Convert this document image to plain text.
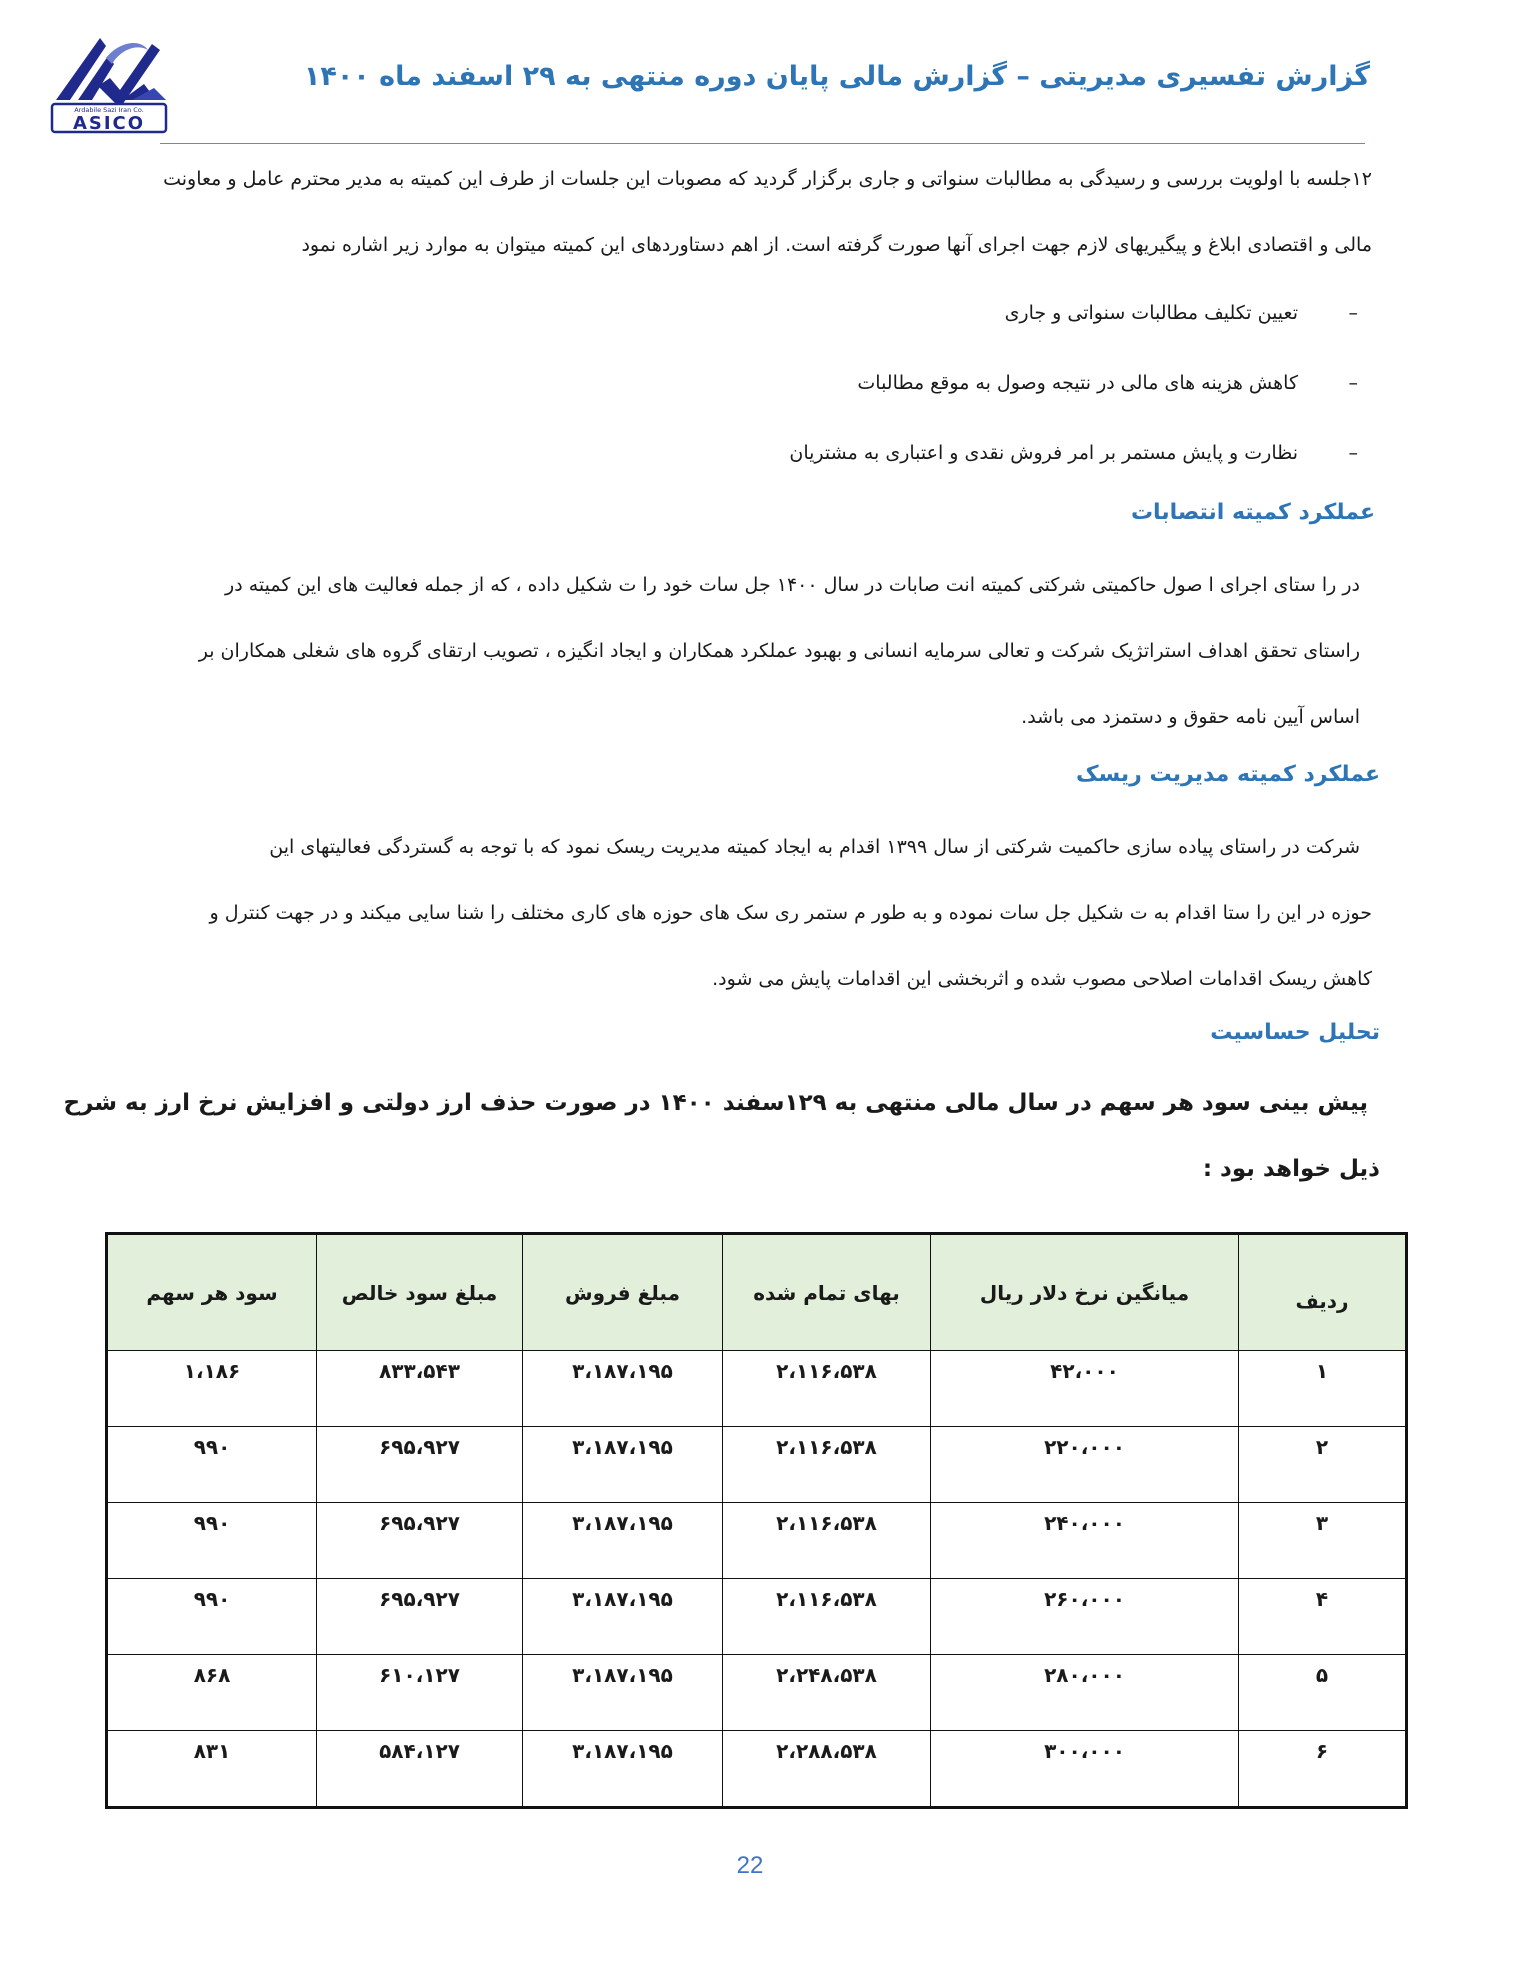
Ardabile Sazi Iran Co.
ASICO
گزارش تفسیری مدیریتی – گزارش مالی پایان دوره منتهی به ۲۹ اسفند ماه ۱۴۰۰
۱۲جلسه با اولویت بررسی و رسیدگی به مطالبات سنواتی و جاری برگزار گردید که مصوبات این جلسات از طرف این کمیته به مدیر محترم عامل و معاونت
مالی و اقتصادی ابلاغ و پیگیریهای لازم جهت اجرای آنها صورت گرفته است. از اهم دستاوردهای این کمیته میتوان به موارد زیر اشاره نمود
–
تعیین تکلیف مطالبات سنواتی و جاری
–
کاهش هزینه های مالی در نتیجه وصول به موقع مطالبات
–
نظارت و پایش مستمر بر امر فروش نقدی و اعتباری به مشتریان
عملکرد کمیته انتصابات
در را ستای اجرای ا صول حاکمیتی شرکتی کمیته انت صابات در سال ۱۴۰۰ جل سات خود را ت شکیل داده ، که از جمله فعالیت های این کمیته در
راستای تحقق اهداف استراتژیک شرکت و تعالی سرمایه انسانی و بهبود عملکرد همکاران و ایجاد انگیزه ، تصویب ارتقای گروه های شغلی همکاران بر
اساس آیین نامه حقوق و دستمزد می باشد.
عملکرد کمیته مدیریت ریسک
شرکت در راستای پیاده سازی حاکمیت شرکتی از سال ۱۳۹۹ اقدام به ایجاد کمیته مدیریت ریسک نمود که با توجه به گستردگی فعالیتهای این
حوزه در این را ستا اقدام به ت شکیل جل سات نموده و به طور م ستمر ری سک های حوزه های کاری مختلف را شنا سایی میکند و در جهت کنترل و
کاهش ریسک اقدامات اصلاحی مصوب شده و اثربخشی این اقدامات پایش می شود.
تحلیل حساسیت
پیش بینی سود هر سهم در سال مالی منتهی به ۱۲۹سفند ۱۴۰۰ در صورت حذف ارز دولتی و افزایش نرخ ارز به شرح
ذیل خواهد بود :
ردیف	میانگین نرخ دلار ریال	بهای تمام شده	مبلغ فروش	مبلغ سود خالص	سود هر سهم
۱	۴۲،۰۰۰	۲،۱۱۶،۵۳۸	۳،۱۸۷،۱۹۵	۸۳۳،۵۴۳	۱،۱۸۶
۲	۲۲۰،۰۰۰	۲،۱۱۶،۵۳۸	۳،۱۸۷،۱۹۵	۶۹۵،۹۲۷	۹۹۰
۳	۲۴۰،۰۰۰	۲،۱۱۶،۵۳۸	۳،۱۸۷،۱۹۵	۶۹۵،۹۲۷	۹۹۰
۴	۲۶۰،۰۰۰	۲،۱۱۶،۵۳۸	۳،۱۸۷،۱۹۵	۶۹۵،۹۲۷	۹۹۰
۵	۲۸۰،۰۰۰	۲،۲۴۸،۵۳۸	۳،۱۸۷،۱۹۵	۶۱۰،۱۲۷	۸۶۸
۶	۳۰۰،۰۰۰	۲،۲۸۸،۵۳۸	۳،۱۸۷،۱۹۵	۵۸۴،۱۲۷	۸۳۱
22
